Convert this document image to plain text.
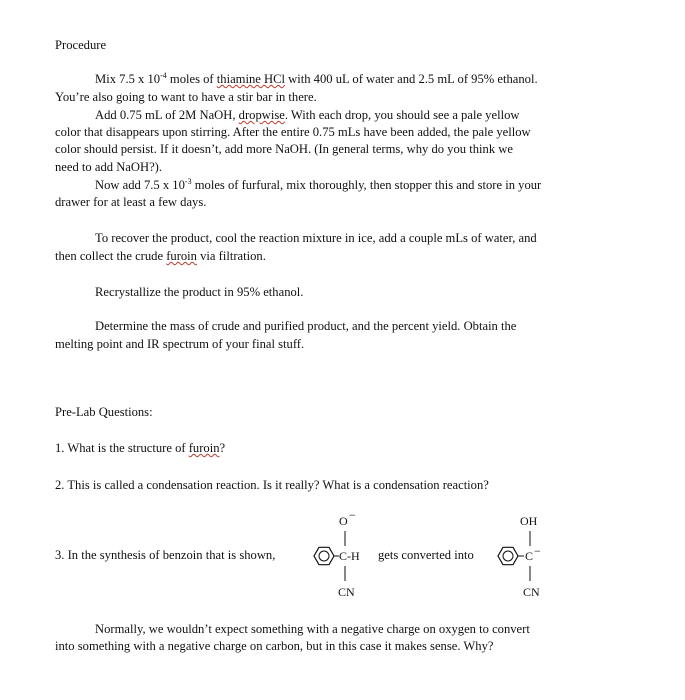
Procedure
Mix 7.5 x $10^{-4}$ moles of thiamine HCl with 400 uL of water and 2.5 mL of 95% ethanol.
You’re also going to want to have a stir bar in there.
Add 0.75 mL of 2M NaOH, dropwise. With each drop, you should see a pale yellow
color that disappears upon stirring. After the entire 0.75 mLs have been added, the pale yellow
color should persist. If it doesn’t, add more NaOH. (In general terms, why do you think we
need to add NaOH?).
Now add 7.5 x $10^{-3}$ moles of furfural, mix thoroughly, then stopper this and store in your
drawer for at least a few days.
To recover the product, cool the reaction mixture in ice, add a couple mLs of water, and
then collect the crude furoin via filtration.
Recrystallize the product in 95% ethanol.
Determine the mass of crude and purified product, and the percent yield. Obtain the
melting point and IR spectrum of your final stuff.
Pre-Lab Questions:
1. What is the structure of furoin?
2. This is called a condensation reaction. Is it really? What is a condensation reaction?
3. In the synthesis of benzoin that is shown,	gets converted into
O −
C-H
CN
OH
C −
CN
Normally, we wouldn’t expect something with a negative charge on oxygen to convert
into something with a negative charge on carbon, but in this case it makes sense. Why?
